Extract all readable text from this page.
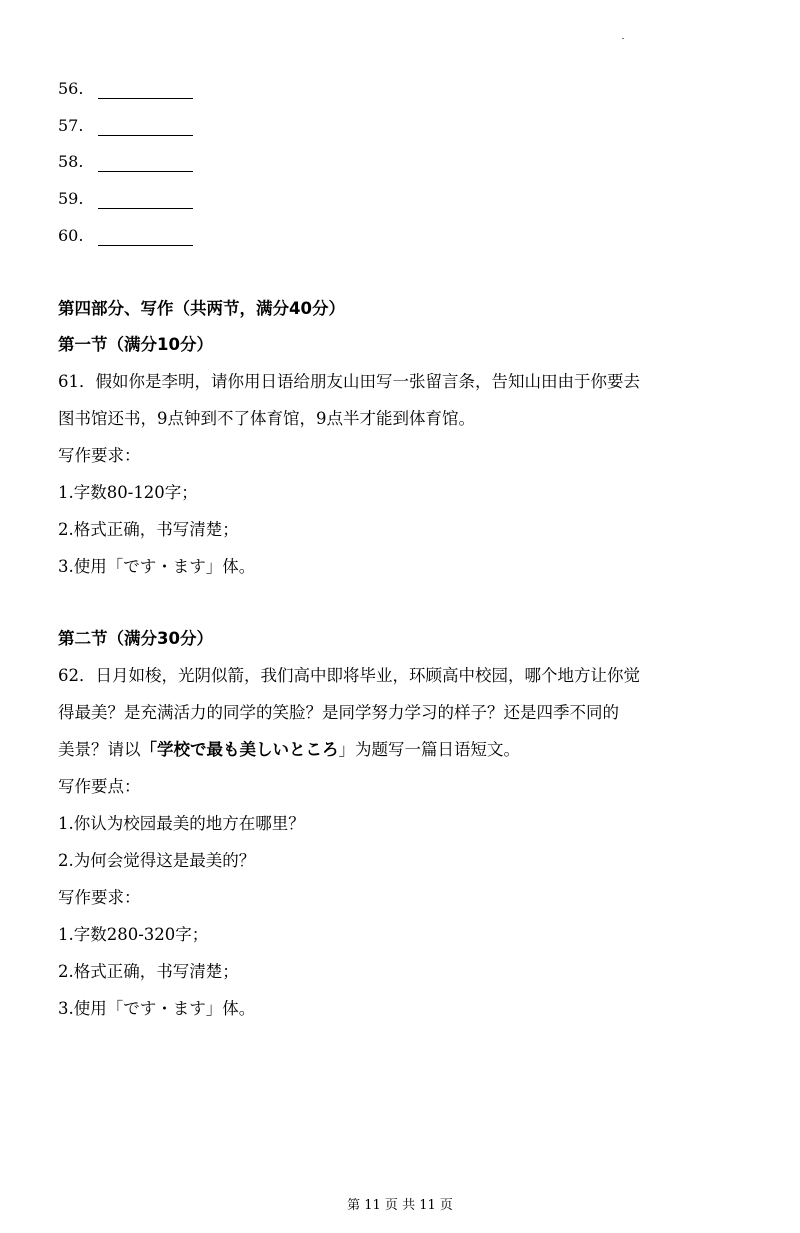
56.
57.
58.
59.
60.
第四部分、写作（共两节，满分40分）
第一节（满分10分）
61．假如你是李明，请你用日语给朋友山田写一张留言条，告知山田由于你要去
图书馆还书，9点钟到不了体育馆，9点半才能到体育馆。
写作要求：
1.字数80-120字；
2.格式正确，书写清楚；
3.使用「です・ます」体。
第二节（满分30分）
62．日月如梭，光阴似箭，我们高中即将毕业，环顾高中校园，哪个地方让你觉
得最美？是充满活力的同学的笑脸？是同学努力学习的样子？还是四季不同的
美景？请以「学校で最も美しいところ」为题写一篇日语短文。
写作要点：
1.你认为校园最美的地方在哪里？
2.为何会觉得这是最美的？
写作要求：
1.字数280-320字；
2.格式正确，书写清楚；
3.使用「です・ます」体。
第 11 页 共 11 页
